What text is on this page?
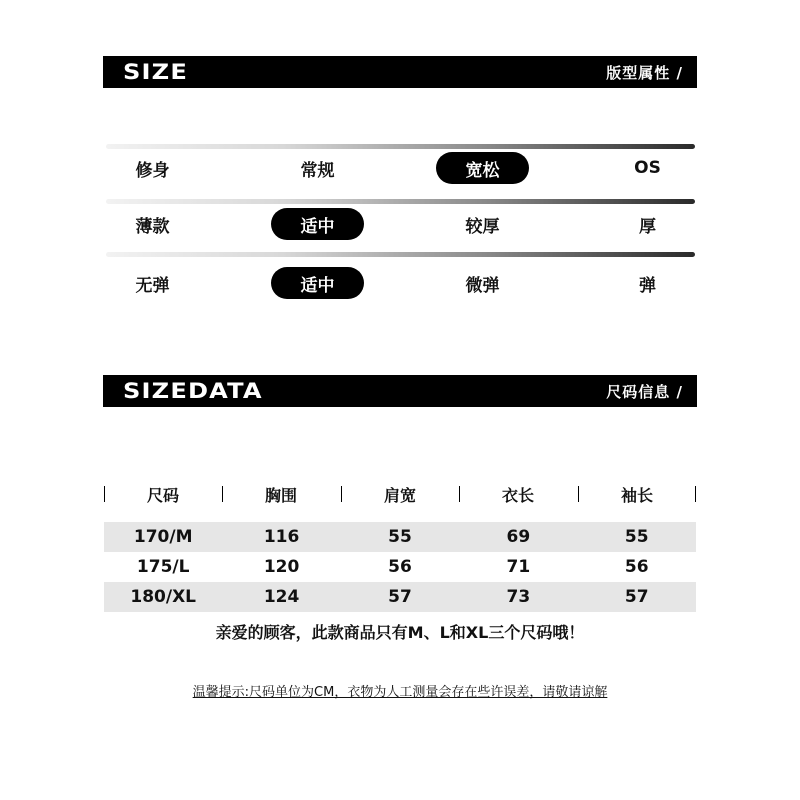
SIZE	版型属性 /
修身	常规	宽松	OS
薄款	适中	较厚	厚
无弹	适中	微弹	弹
SIZEDATA	尺码信息 /
尺码	胸围	肩宽	衣长	袖长
170/M	116	55	69	55
175/L	120	56	71	56
180/XL	124	57	73	57
亲爱的顾客，此款商品只有M、L和XL三个尺码哦！
温馨提示:尺码单位为CM，衣物为人工测量会存在些许误差，请敬请谅解
